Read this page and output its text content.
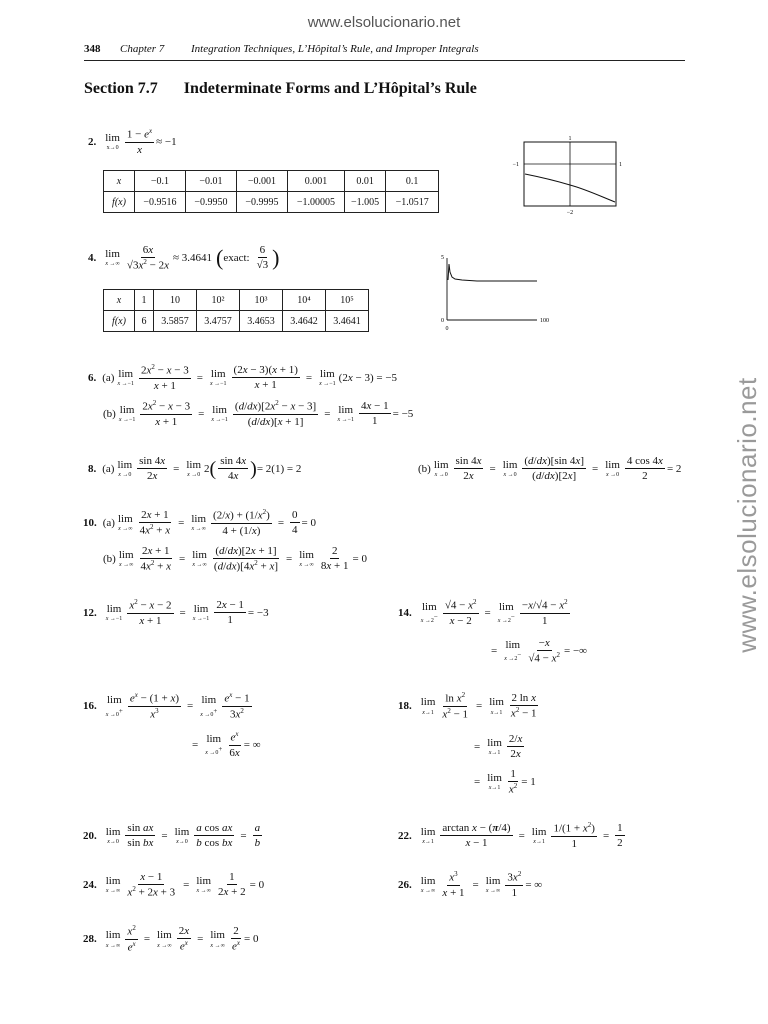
www.elsolucionario.net
www.elsolucionario.net
348 Chapter 7 Integration Techniques, L’Hôpital’s Rule, and Improper Integrals
Section 7.7 Indeterminate Forms and L’Hôpital’s Rule
2. lim
$x\to 0 \frac{1 - e^x}{x} \approx -1$
x	−0.1	−0.01	−0.001	0.001	0.01	0.1
f(x)	−0.9516	−0.9950	−0.9995	−1.00005	−1.005	−1.0517
1
−1	1
−2
4. lim
x →∞ $\frac{6x}{√3x^2 - 2x} \approx 3.4641$ ( exact:
6
√3 )
x	1	10	10²	10³	10⁴	10⁵
f(x)	6	3.5857	3.4757	3.4653	3.4642	3.4641
5
0
0
100
6. (a) lim
$x \to-1 \frac{2x^2 - x - 3}{x + 1} = \lim$
$x \to-1 \frac{(2x - 3)(x + 1)}{x + 1} = \lim$
x →−1
(2x − 3) = −5
(b) lim
$x \to-1 \frac{2x^2 - x - 3}{x + 1} = \lim$
$x \to-1 \frac{(d/dx)[2x^2 - x - 3]}{(d/dx)[x + 1]} = \lim$
$x \to-1 \frac{4x - 1}{1} = -5$
8. (a) lim
$x \to 0 \frac{\sin 4x}{2x} = \lim$
x →0
2 ( sin 4x
4x ) = 2(1) = 2	(b) lim
$x \to 0 \frac{\sin 4x}{2x} = \lim$
$x \to 0 \frac{(d/dx)[\sin 4x]}{(d/dx)[2x]} = \lim$
$x \to 0 \frac{4 \cos 4x}{2} = 2$
10. (a) lim
x →∞ $\frac{2x + 1}{4x^2 + x} = \lim$
x →∞ $\frac{(2/x) + (1/x^2)}{4 + (1/x)} = \frac{0}{4} = 0$
(b) lim
x →∞ $\frac{2x + 1}{4x^2 + x} = \lim$
x →∞ $\frac{(d/dx)[2x + 1]}{(d/dx)[4x^2 + x]} = \lim$
x →∞ $\frac{2}{8x + 1} = 0$
12. lim
$x \to-1 \frac{x^2 - x - 2}{x + 1} = \lim$
$x \to-1 \frac{2x - 1}{1} = -3$	14. lim
$x \to 2^- \frac{√4 - x^2}{x - 2} = \lim$
$x \to 2^- \frac{-x/√4 - x^2}{1}$
= lim
$x \to 2^- \frac{-x}{√4 - x^2}$ = −∞
16. lim
$x \to 0^+ \frac{e^x - (1 + x)}{x^3} = \lim$
$x \to 0^+ \frac{e^x - 1}{3x^2}$
= lim
$x \to 0^+ \frac{e^x}{6x}$ = ∞
18. lim
$x\to 1 \frac{\ln x^2}{x^2 - 1} = \lim$
x→1
2 ln x
$x^2 - 1$
= lim
x→1
2/x
2x
= lim
$x\to 1 \frac{1}{x^2} = 1$
20. lim
$x\to 0 \frac{\text{sin ax}}{\text{sin bx}} = \lim$
$x\to 0 \frac{\text{a cos ax}}{\text{b cos bx}} = \frac{a}{b}$	22. lim
$x\to 1 \frac{\text{arctan x − (π/4)}}{x - 1} = \lim$
$x\to 1 \frac{1/(1 + x^2)}{1} = \frac{1}{2}$
24. lim
x →∞ $\frac{x - 1}{x^2 + 2x + 3} = \lim$
x →∞ $\frac{1}{2x + 2} = 0$	26. lim
x →∞ $\frac{x^3}{x + 1} = \lim$
x →∞ $\frac{3x^2}{1}$ = ∞
28. lim
x →∞ $\frac{x^2}{e^x} = \lim$
x →∞ $\frac{2x}{e^x} = \lim$
x →∞ $\frac{2}{e^x} = 0$
